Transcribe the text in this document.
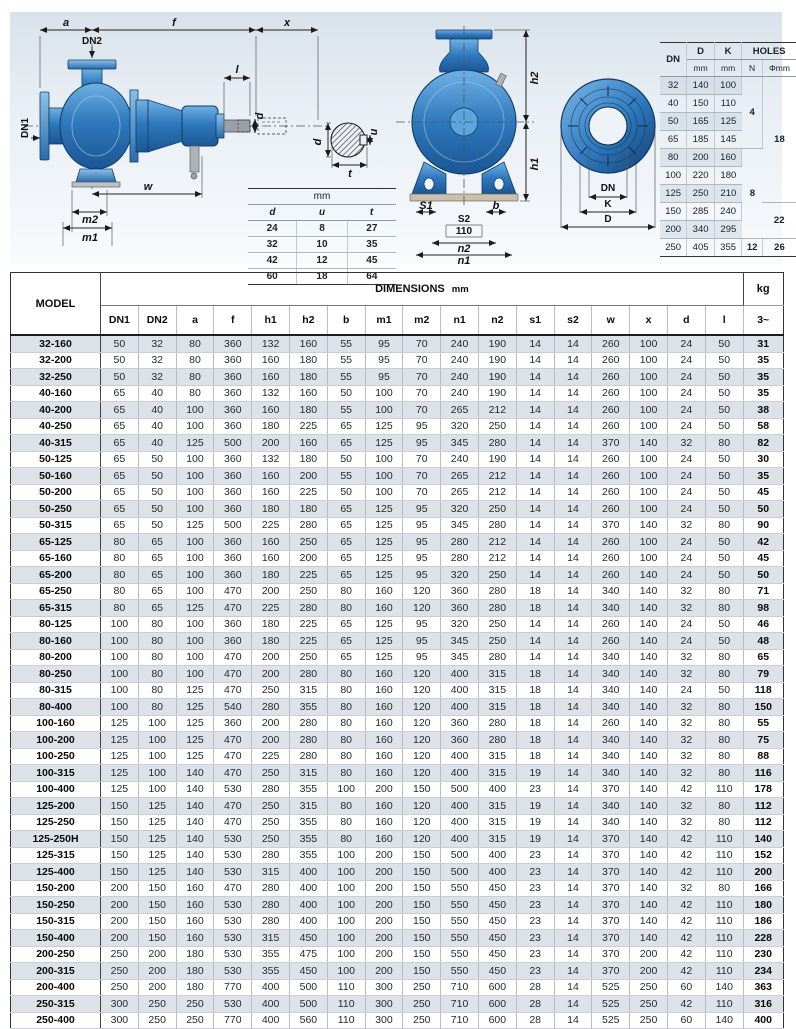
a	f	x
DN2
DN1
l
d
w
m2
m1
d
u
t
h2
h1
S1	b
S2
110
n2
n1
DN
K
D
mm		
d	u	t
24	8	27
32	10	35
42	12	45
60	18	64
DN	D	K	HOLES	
	mm	mm	N	Φmm
32	140	100	4	18
40	150	110		
50	165	125		
65	185	145		
80	200	160	8	
100	220	180		
125	250	210		
150	285	240		22
200	340	295		
250	405	355	12	26
MODEL	DIMENSIONS mm																	kg
	DN1	DN2	a	f	h1	h2	b	m1	m2	n1	n2	s1	s2	w	x	d	l	3~
32-160	50	32	80	360	132	160	55	95	70	240	190	14	14	260	100	24	50	31
32-200	50	32	80	360	160	180	55	95	70	240	190	14	14	260	100	24	50	35
32-250	50	32	80	360	160	180	55	95	70	240	190	14	14	260	100	24	50	35
40-160	65	40	80	360	132	160	50	100	70	240	190	14	14	260	100	24	50	35
40-200	65	40	100	360	160	180	55	100	70	265	212	14	14	260	100	24	50	38
40-250	65	40	100	360	180	225	65	125	95	320	250	14	14	260	100	24	50	58
40-315	65	40	125	500	200	160	65	125	95	345	280	14	14	370	140	32	80	82
50-125	65	50	100	360	132	180	50	100	70	240	190	14	14	260	100	24	50	30
50-160	65	50	100	360	160	200	55	100	70	265	212	14	14	260	100	24	50	35
50-200	65	50	100	360	160	225	50	100	70	265	212	14	14	260	100	24	50	45
50-250	65	50	100	360	180	180	65	125	95	320	250	14	14	260	100	24	50	50
50-315	65	50	125	500	225	280	65	125	95	345	280	14	14	370	140	32	80	90
65-125	80	65	100	360	160	250	65	125	95	280	212	14	14	260	100	24	50	42
65-160	80	65	100	360	160	200	65	125	95	280	212	14	14	260	100	24	50	45
65-200	80	65	100	360	180	225	65	125	95	320	250	14	14	260	140	24	50	50
65-250	80	65	100	470	200	250	80	160	120	360	280	18	14	340	140	32	80	71
65-315	80	65	125	470	225	280	80	160	120	360	280	18	14	340	140	32	80	98
80-125	100	80	100	360	180	225	65	125	95	320	250	14	14	260	140	24	50	46
80-160	100	80	100	360	180	225	65	125	95	345	250	14	14	260	140	24	50	48
80-200	100	80	100	470	200	250	65	125	95	345	280	14	14	340	140	32	80	65
80-250	100	80	100	470	200	280	80	160	120	400	315	18	14	340	140	32	80	79
80-315	100	80	125	470	250	315	80	160	120	400	315	18	14	340	140	24	50	118
80-400	100	80	125	540	280	355	80	160	120	400	315	18	14	340	140	32	80	150
100-160	125	100	125	360	200	280	80	160	120	360	280	18	14	260	140	32	80	55
100-200	125	100	125	470	200	280	80	160	120	360	280	18	14	340	140	32	80	75
100-250	125	100	125	470	225	280	80	160	120	400	315	18	14	340	140	32	80	88
100-315	125	100	140	470	250	315	80	160	120	400	315	19	14	340	140	32	80	116
100-400	125	100	140	530	280	355	100	200	150	500	400	23	14	370	140	42	110	178
125-200	150	125	140	470	250	315	80	160	120	400	315	19	14	340	140	32	80	112
125-250	150	125	140	470	250	355	80	160	120	400	315	19	14	340	140	32	80	112
125-250H	150	125	140	530	250	355	80	160	120	400	315	19	14	370	140	42	110	140
125-315	150	125	140	530	280	355	100	200	150	500	400	23	14	370	140	42	110	152
125-400	150	125	140	530	315	400	100	200	150	500	400	23	14	370	140	42	110	200
150-200	200	150	160	470	280	400	100	200	150	550	450	23	14	370	140	32	80	166
150-250	200	150	160	530	280	400	100	200	150	550	450	23	14	370	140	42	110	180
150-315	200	150	160	530	280	400	100	200	150	550	450	23	14	370	140	42	110	186
150-400	200	150	160	530	315	450	100	200	150	550	450	23	14	370	140	42	110	228
200-250	250	200	180	530	355	475	100	200	150	550	450	23	14	370	200	42	110	230
200-315	250	200	180	530	355	450	100	200	150	550	450	23	14	370	200	42	110	234
200-400	250	200	180	770	400	500	110	300	250	710	600	28	14	525	250	60	140	363
250-315	300	250	250	530	400	500	110	300	250	710	600	28	14	525	250	42	110	316
250-400	300	250	250	770	400	560	110	300	250	710	600	28	14	525	250	60	140	400
